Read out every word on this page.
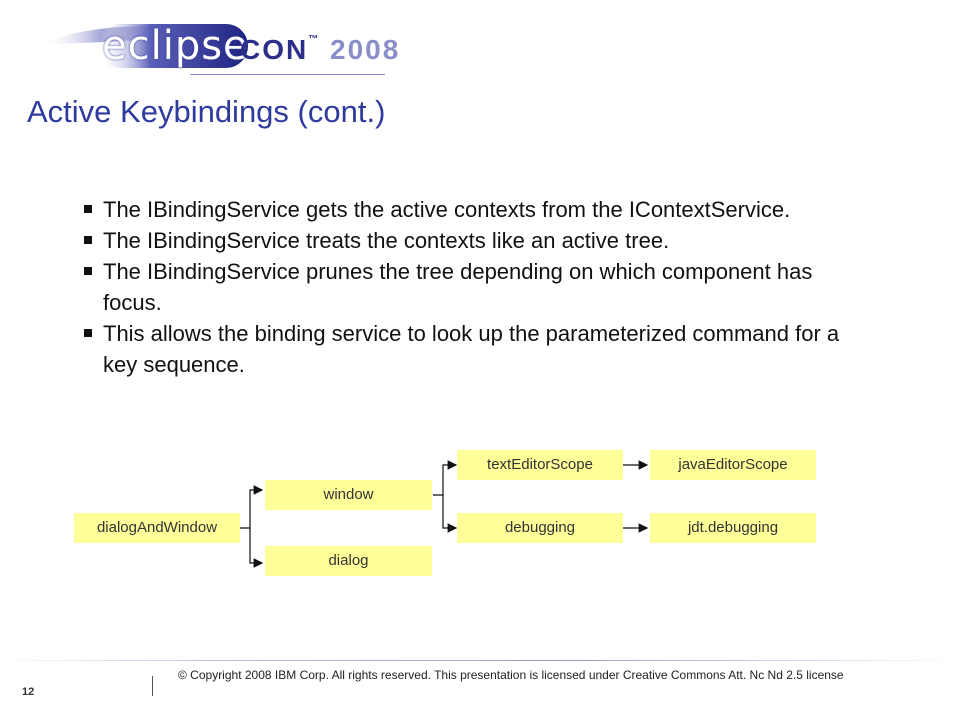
eclipse
CON™ 2008
Active Keybindings (cont.)
The IBindingService gets the active contexts from the IContextService.
The IBindingService treats the contexts like an active tree.
The IBindingService prunes the tree depending on which component has focus.
This allows the binding service to look up the parameterized command for a key sequence.
dialogAndWindow
window
dialog
textEditorScope
debugging
javaEditorScope
jdt.debugging
12
© Copyright 2008 IBM Corp. All rights reserved. This presentation is licensed under Creative Commons Att. Nc Nd 2.5 license
